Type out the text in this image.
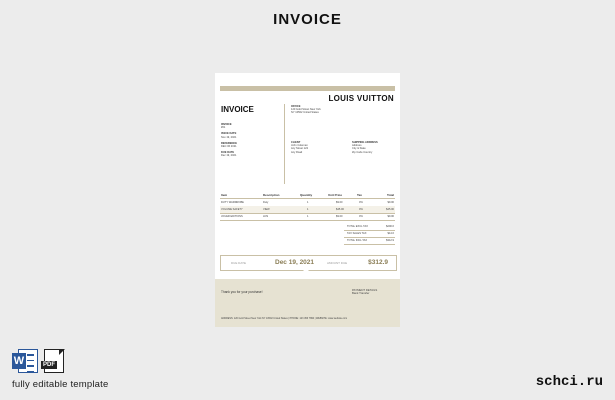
INVOICE
LOUIS VUITTON
INVOICE	OFFICE
120 Gold Street New York
NY 10502 United States
INVOICE
#01
ISSUE DATE
Nov 19, 2021
REFERENCE
DEC 06 2021
DUE DATE
Dec 19, 2021
CLIENT
John Coleman
Acy Street 122
Acy Road
SHIPPING ADDRESS
Address
City & State
Zip Code Country
Item	Description	Quantity	Unit Price	Tax	Total
DUTY WARDROBE	Duty	1	$9.00	0%	$9.00
VOLUME SAFETY	VIEW	1	$45.00	0%	$45.00
JOUER EDITIONS	LDS	1	$9.00	0%	$9.00
TOTAL EXCL TAX	$290.6
TAX SALES TAX	$14.6
TOTAL INCL TAX	$312.9
DUE DATE	Dec 19, 2021	AMOUNT DUE	$312.9
Thank you for your purchase!	PAYMENT DETAILS
Bank Transfer
ADDRESS: 120 Gold Street New York NY 10502 United States | PHONE: 123 456 7890 | WEBSITE: www.website.com
W	PDF
fully editable template	schci.ru
